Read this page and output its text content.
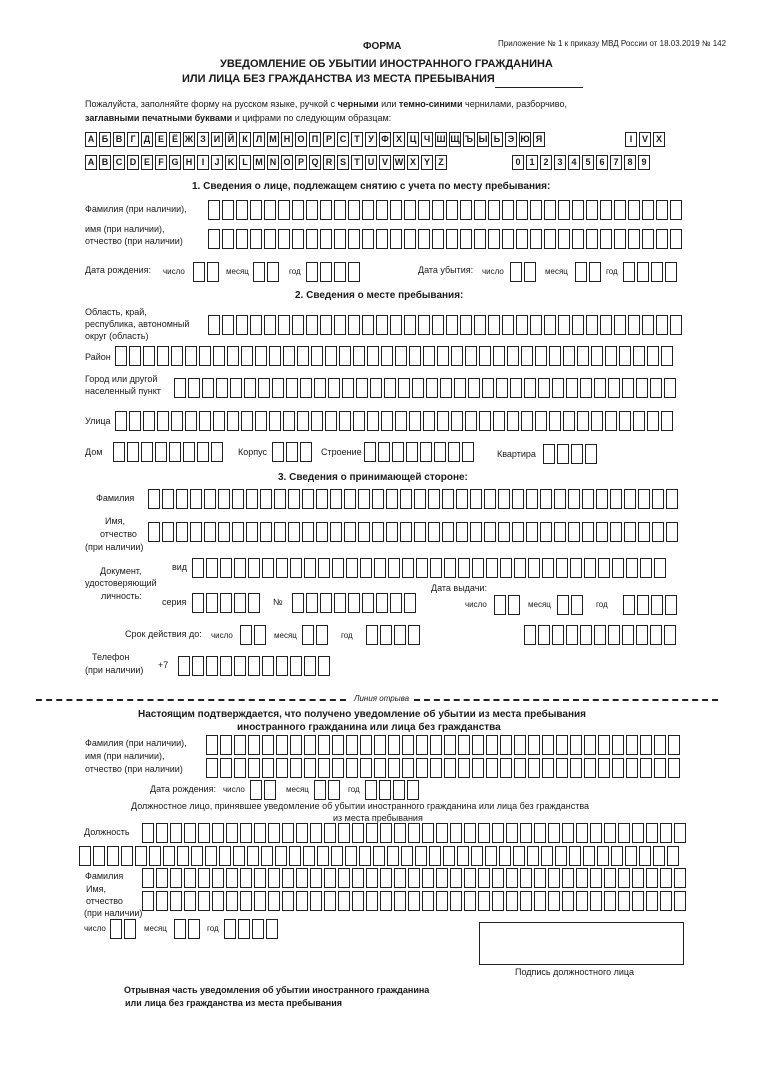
Приложение № 1 к приказу МВД России от 18.03.2019 № 142
ФОРМА
УВЕДОМЛЕНИЕ ОБ УБЫТИИ ИНОСТРАННОГО ГРАЖДАНИНА
ИЛИ ЛИЦА БЕЗ ГРАЖДАНСТВА ИЗ МЕСТА ПРЕБЫВАНИЯ
Пожалуйста, заполняйте форму на русском языке, ручкой с черными или темно-синими чернилами, разборчиво,
заглавными печатными буквами и цифрами по следующим образцам:
А Б В Г Д Е Ё Ж З И Й К Л М Н О П Р С Т У Ф Х Ц Ч Ш Щ Ъ Ы Ь Э Ю Я	I	V X
A B C D E F G H	I	J K L M N O P Q R S T U V W X Y Z	0 1 2 3 4 5 6 7 8 9
1. Сведения о лице, подлежащем снятию с учета по месту пребывания:
Фамилия (при наличии),
имя (при наличии),
отчество (при наличии)
Дата рождения: число	месяц	год	Дата убытия: число	месяц	год
2. Сведения о месте пребывания:
Область, край,
республика, автономный
округ (область)
Район
Город или другой
населенный пункт
Улица
Дом	Корпус	Строение	Квартира
3. Сведения о принимающей стороне:
Фамилия
Имя,
отчество
(при наличии)
Документ,
удостоверяющий
личность:
вид
Дата выдачи:
серия	№	число	месяц	год
Срок действия до: число	месяц	год
Телефон
(при наличии) +7
Линия отрыва
Настоящим подтверждается, что получено уведомление об убытии из места пребывания
иностранного гражданина или лица без гражданства
Фамилия (при наличии),
имя (при наличии),
отчество (при наличии)
Дата рождения: число	месяц	год
Должностное лицо, принявшее уведомление об убытии иностранного гражданина или лица без гражданства
из места пребывания
Должность
Фамилия
Имя,
отчество
(при наличии)
число	месяц	год
Подпись должностного лица
Отрывная часть уведомления об убытии иностранного гражданина
или лица без гражданства из места пребывания
